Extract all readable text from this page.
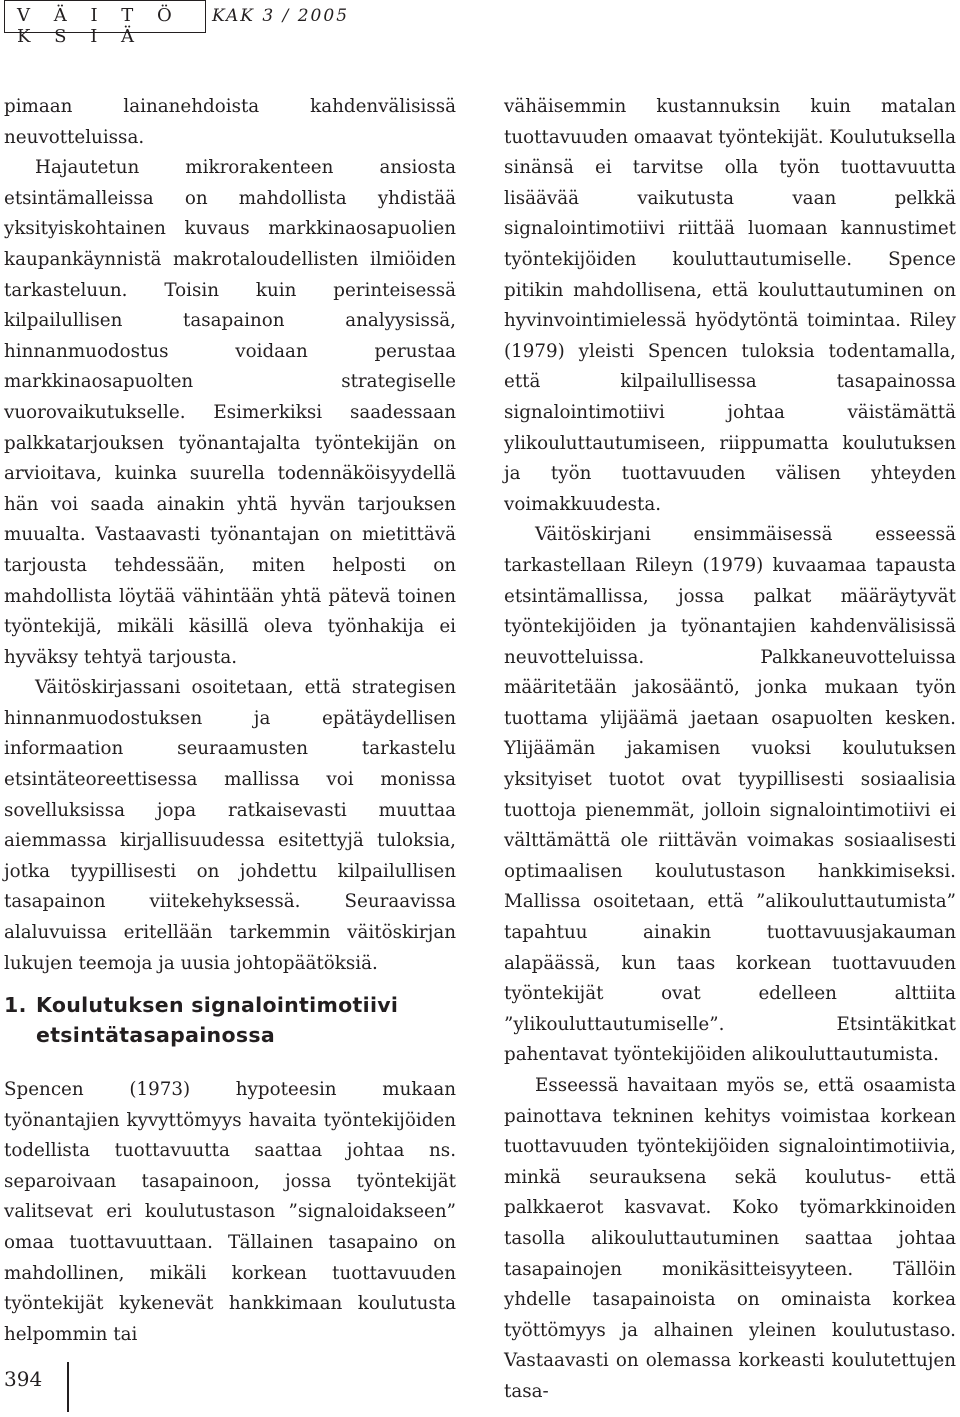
V Ä I T Ö K S I Ä
KAK 3 / 2005

pimaan lainanehdoista kahdenvälisissä neuvotteluissa.

Hajautetun mikrorakenteen ansiosta etsintämalleissa on mahdollista yhdistää yksityiskohtainen kuvaus markkinaosapuolien kaupankäynnistä makrotaloudellisten ilmiöiden tarkasteluun. Toisin kuin perinteisessä kilpailullisen tasapainon analyysissä, hinnanmuodostus voidaan perustaa markkinaosapuolten strategiselle vuorovaikutukselle. Esimerkiksi saadessaan palkkatarjouksen työnantajalta työntekijän on arvioitava, kuinka suurella todennäköisyydellä hän voi saada ainakin yhtä hyvän tarjouksen muualta. Vastaavasti työnantajan on mietittävä tarjousta tehdessään, miten helposti on mahdollista löytää vähintään yhtä pätevä toinen työntekijä, mikäli käsillä oleva työnhakija ei hyväksy tehtyä tarjousta.

Väitöskirjassani osoitetaan, että strategisen hinnanmuodostuksen ja epätäydellisen informaation seuraamusten tarkastelu etsintäteoreettisessa mallissa voi monissa sovelluksissa jopa ratkaisevasti muuttaa aiemmassa kirjallisuudessa esitettyjä tuloksia, jotka tyypillisesti on johdettu kilpailullisen tasapainon viitekehyksessä. Seuraavissa alaluvuissa eritellään tarkemmin väitöskirjan lukujen teemoja ja uusia johtopäätöksiä.

1. Koulutuksen signalointimotiivi
etsintätasapainossa

Spencen (1973) hypoteesin mukaan työnantajien kyvyttömyys havaita työntekijöiden todellista tuottavuutta saattaa johtaa ns. separoivaan tasapainoon, jossa työntekijät valitsevat eri koulutustason ”signaloidakseen” omaa tuottavuuttaan. Tällainen tasapaino on mahdollinen, mikäli korkean tuottavuuden työntekijät kykenevät hankkimaan koulutusta helpommin tai

vähäisemmin kustannuksin kuin matalan tuottavuuden omaavat työntekijät. Koulutuksella sinänsä ei tarvitse olla työn tuottavuutta lisäävää vaikutusta vaan pelkkä signalointimotiivi riittää luomaan kannustimet työntekijöiden kouluttautumiselle. Spence pitikin mahdollisena, että kouluttautuminen on hyvinvointimielessä hyödytöntä toimintaa. Riley (1979) yleisti Spencen tuloksia todentamalla, että kilpailullisessa tasapainossa signalointimotiivi johtaa väistämättä ylikouluttautumiseen, riippumatta koulutuksen ja työn tuottavuuden välisen yhteyden voimakkuudesta.

Väitöskirjani ensimmäisessä esseessä tarkastellaan Rileyn (1979) kuvaamaa tapausta etsintämallissa, jossa palkat määräytyvät työntekijöiden ja työnantajien kahdenvälisissä neuvotteluissa. Palkkaneuvotteluissa määritetään jakosääntö, jonka mukaan työn tuottama ylijäämä jaetaan osapuolten kesken. Ylijäämän jakamisen vuoksi koulutuksen yksityiset tuotot ovat tyypillisesti sosiaalisia tuottoja pienemmät, jolloin signalointimotiivi ei välttämättä ole riittävän voimakas sosiaalisesti optimaalisen koulutustason hankkimiseksi. Mallissa osoitetaan, että ”alikouluttautumista” tapahtuu ainakin tuottavuusjakauman alapäässä, kun taas korkean tuottavuuden työntekijät ovat edelleen alttiita ”ylikouluttautumiselle”. Etsintäkitkat pahentavat työntekijöiden alikouluttautumista.

Esseessä havaitaan myös se, että osaamista painottava tekninen kehitys voimistaa korkean tuottavuuden työntekijöiden signalointimotiivia, minkä seurauksena sekä koulutus- että palkkaerot kasvavat. Koko työmarkkinoiden tasolla alikouluttautuminen saattaa johtaa tasapainojen monikäsitteisyyteen. Tällöin yhdelle tasapainoista on ominaista korkea työttömyys ja alhainen yleinen koulutustaso. Vastaavasti on olemassa korkeasti koulutettujen tasa-

394
